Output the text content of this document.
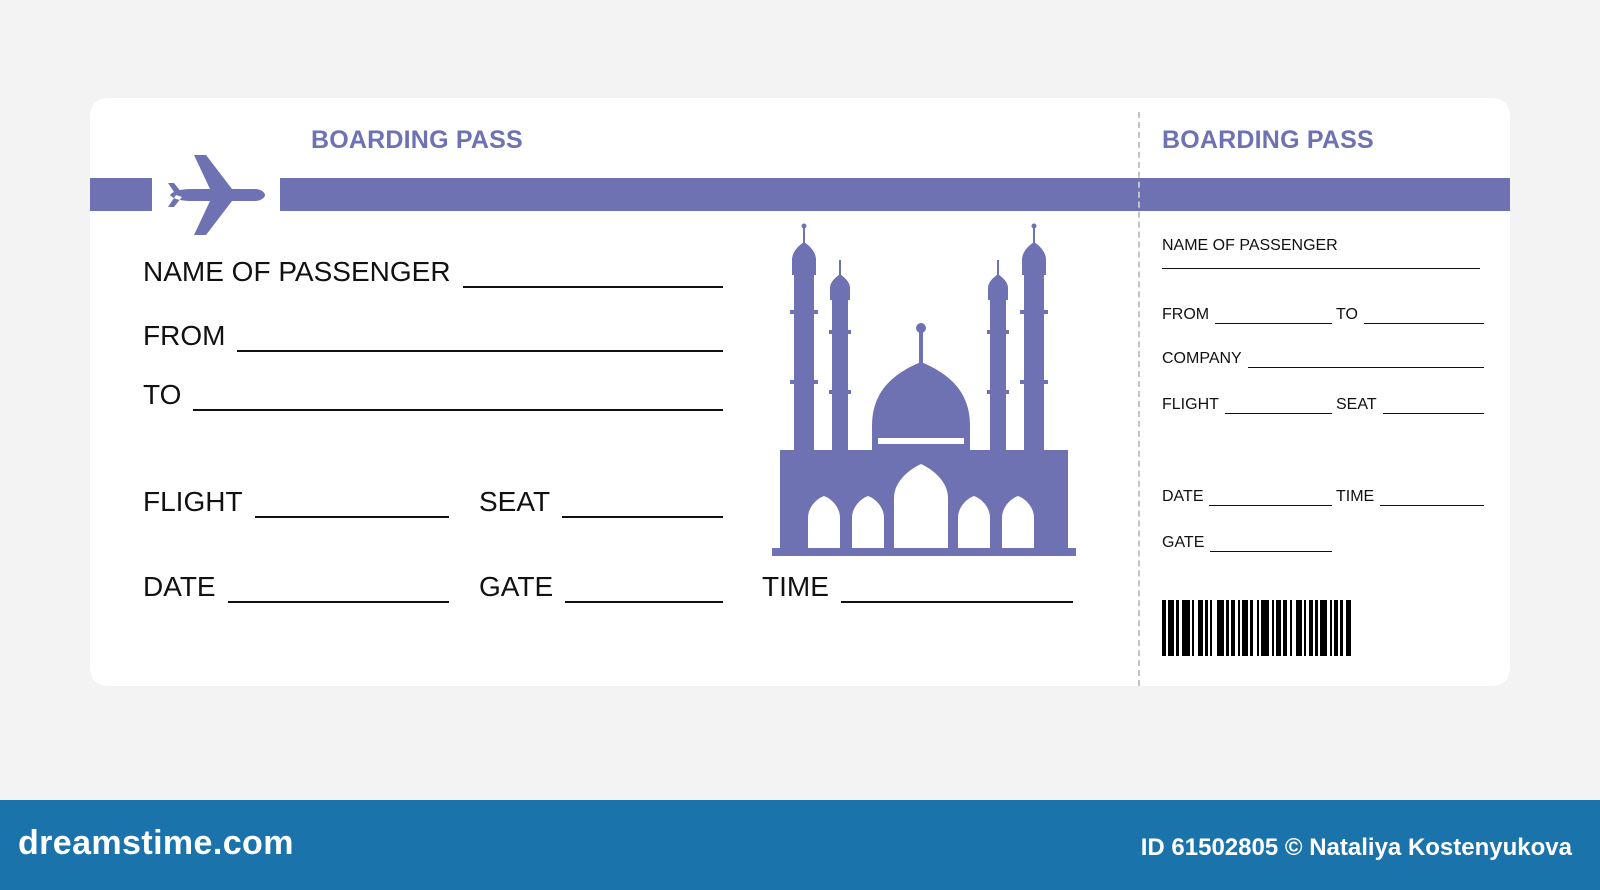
BOARDING PASS	BOARDING PASS
NAME OF PASSENGER
FROM
TO
FLIGHT	SEAT
DATE	GATE	TIME
NAME OF PASSENGER
FROM	TO
COMPANY
FLIGHT	SEAT
DATE	TIME
GATE
dreamstime.com	ID 61502805 © Nataliya Kostenyukova
